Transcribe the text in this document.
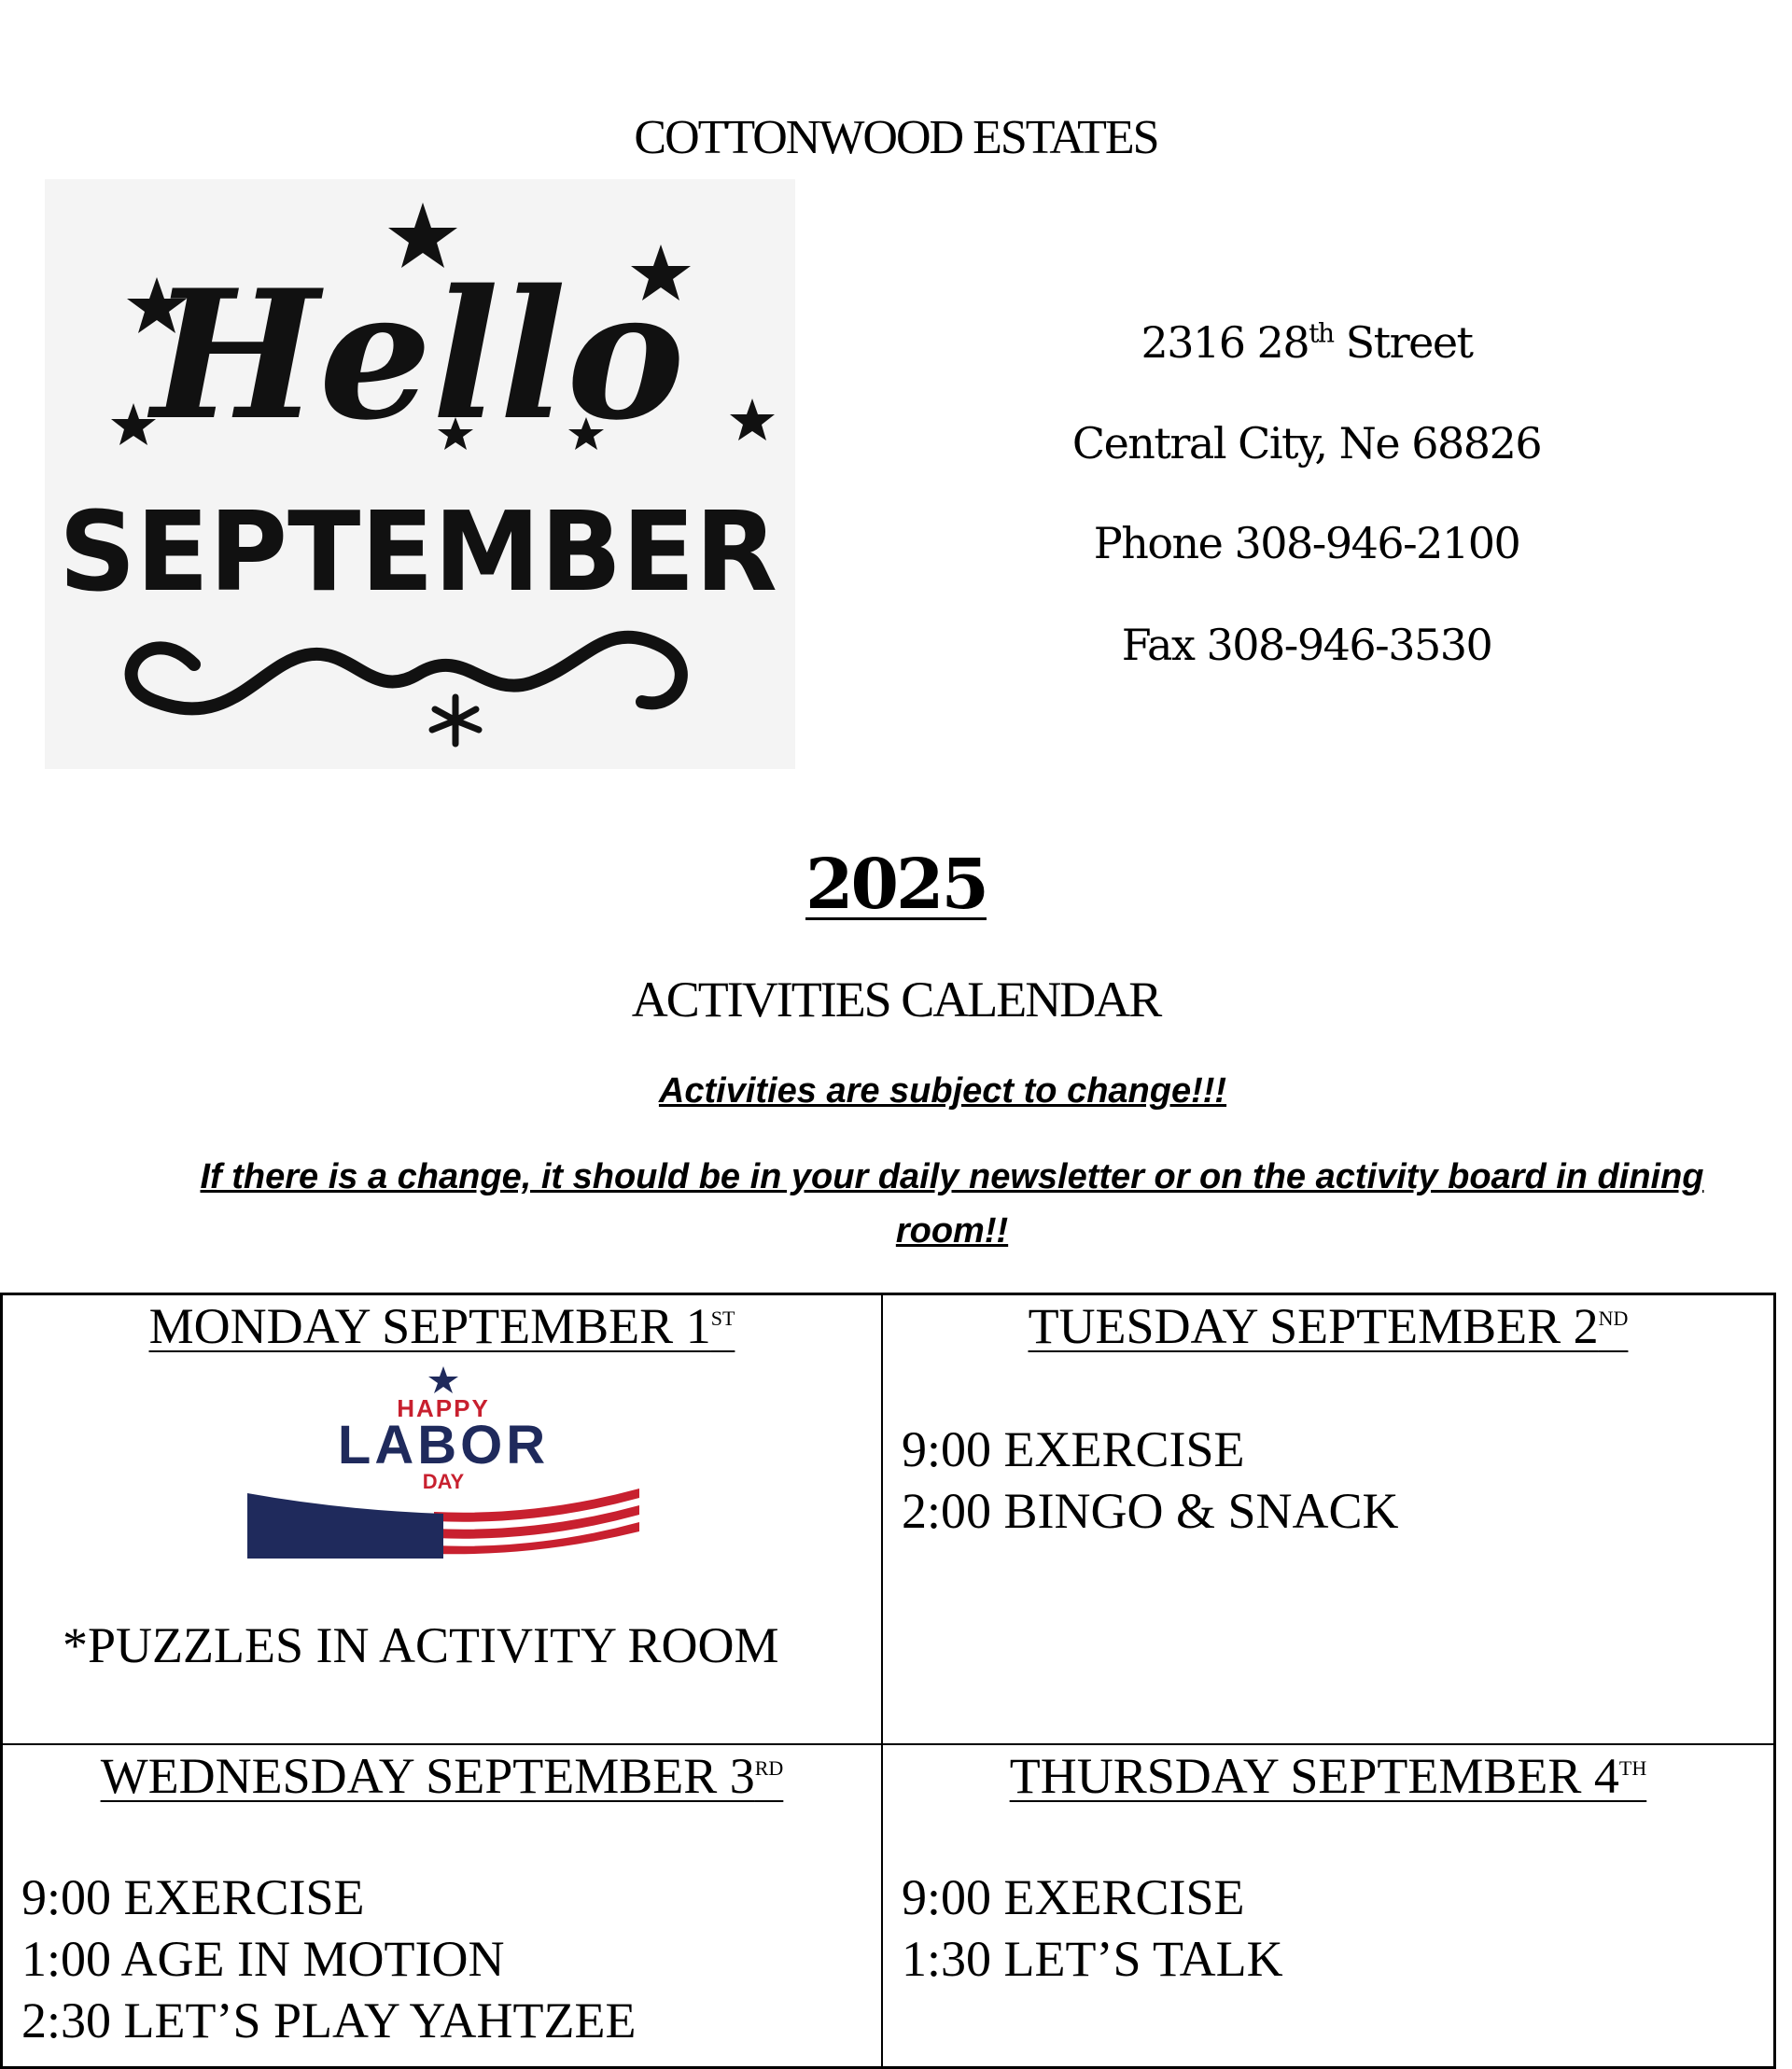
COTTONWOOD ESTATES
Hello
SEPTEMBER
2316 28th Street
Central City, Ne 68826
Phone 308-946-2100
Fax 308-946-3530
2025
ACTIVITIES CALENDAR
Activities are subject to change!!!
If there is a change, it should be in your daily newsletter or on the activity board in dining room!!
MONDAY SEPTEMBER 1ST
HAPPY
LABOR
DAY
*PUZZLES IN ACTIVITY ROOM
TUESDAY SEPTEMBER 2ND
9:00 EXERCISE
2:00 BINGO & SNACK
WEDNESDAY SEPTEMBER 3RD
9:00 EXERCISE
1:00 AGE IN MOTION
2:30 LET’S PLAY YAHTZEE
THURSDAY SEPTEMBER 4TH
9:00 EXERCISE
1:30 LET’S TALK
